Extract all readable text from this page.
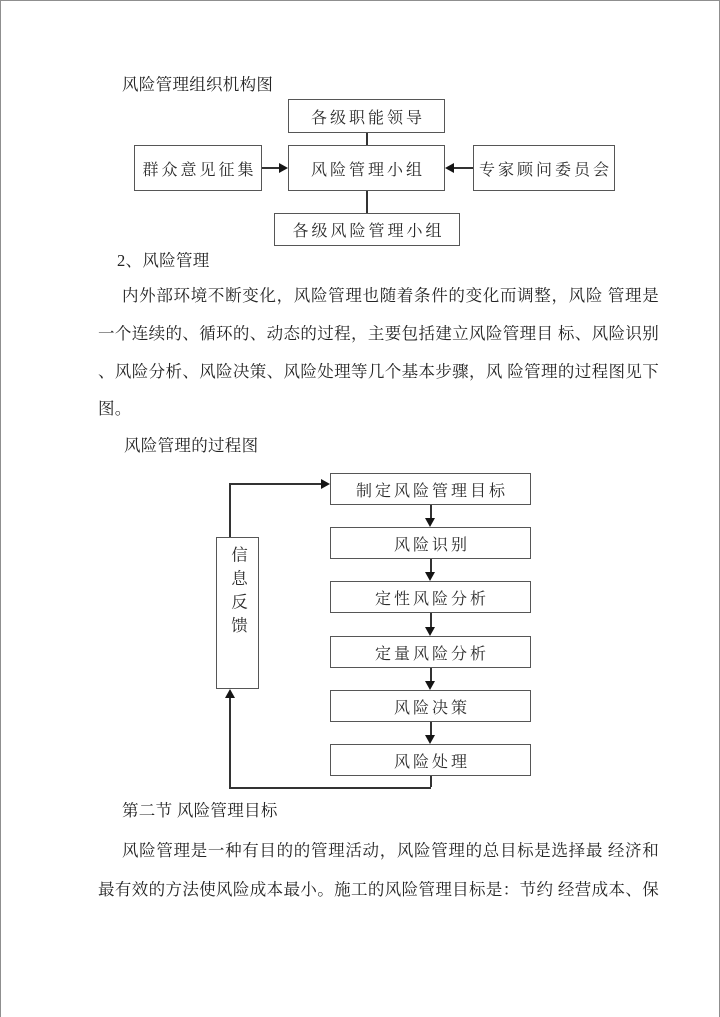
风险管理组织机构图
2、风险管理
内外部环境不断变化，风险管理也随着条件的变化而调整，风险 管理是
一个连续的、循环的、动态的过程，主要包括建立风险管理目 标、风险识别
、风险分析、风险决策、风险处理等几个基本步骤，风 险管理的过程图见下
图。
风险管理的过程图
第二节 风险管理目标
风险管理是一种有目的的管理活动，风险管理的总目标是选择最 经济和
最有效的方法使风险成本最小。施工的风险管理目标是：节约 经营成本、保
各级职能领导
群众意见征集	风险管理小组	专家顾问委员会
各级风险管理小组
制定风险管理目标
风险识别
定性风险分析
定量风险分析
风险决策
风险处理
信息反馈
